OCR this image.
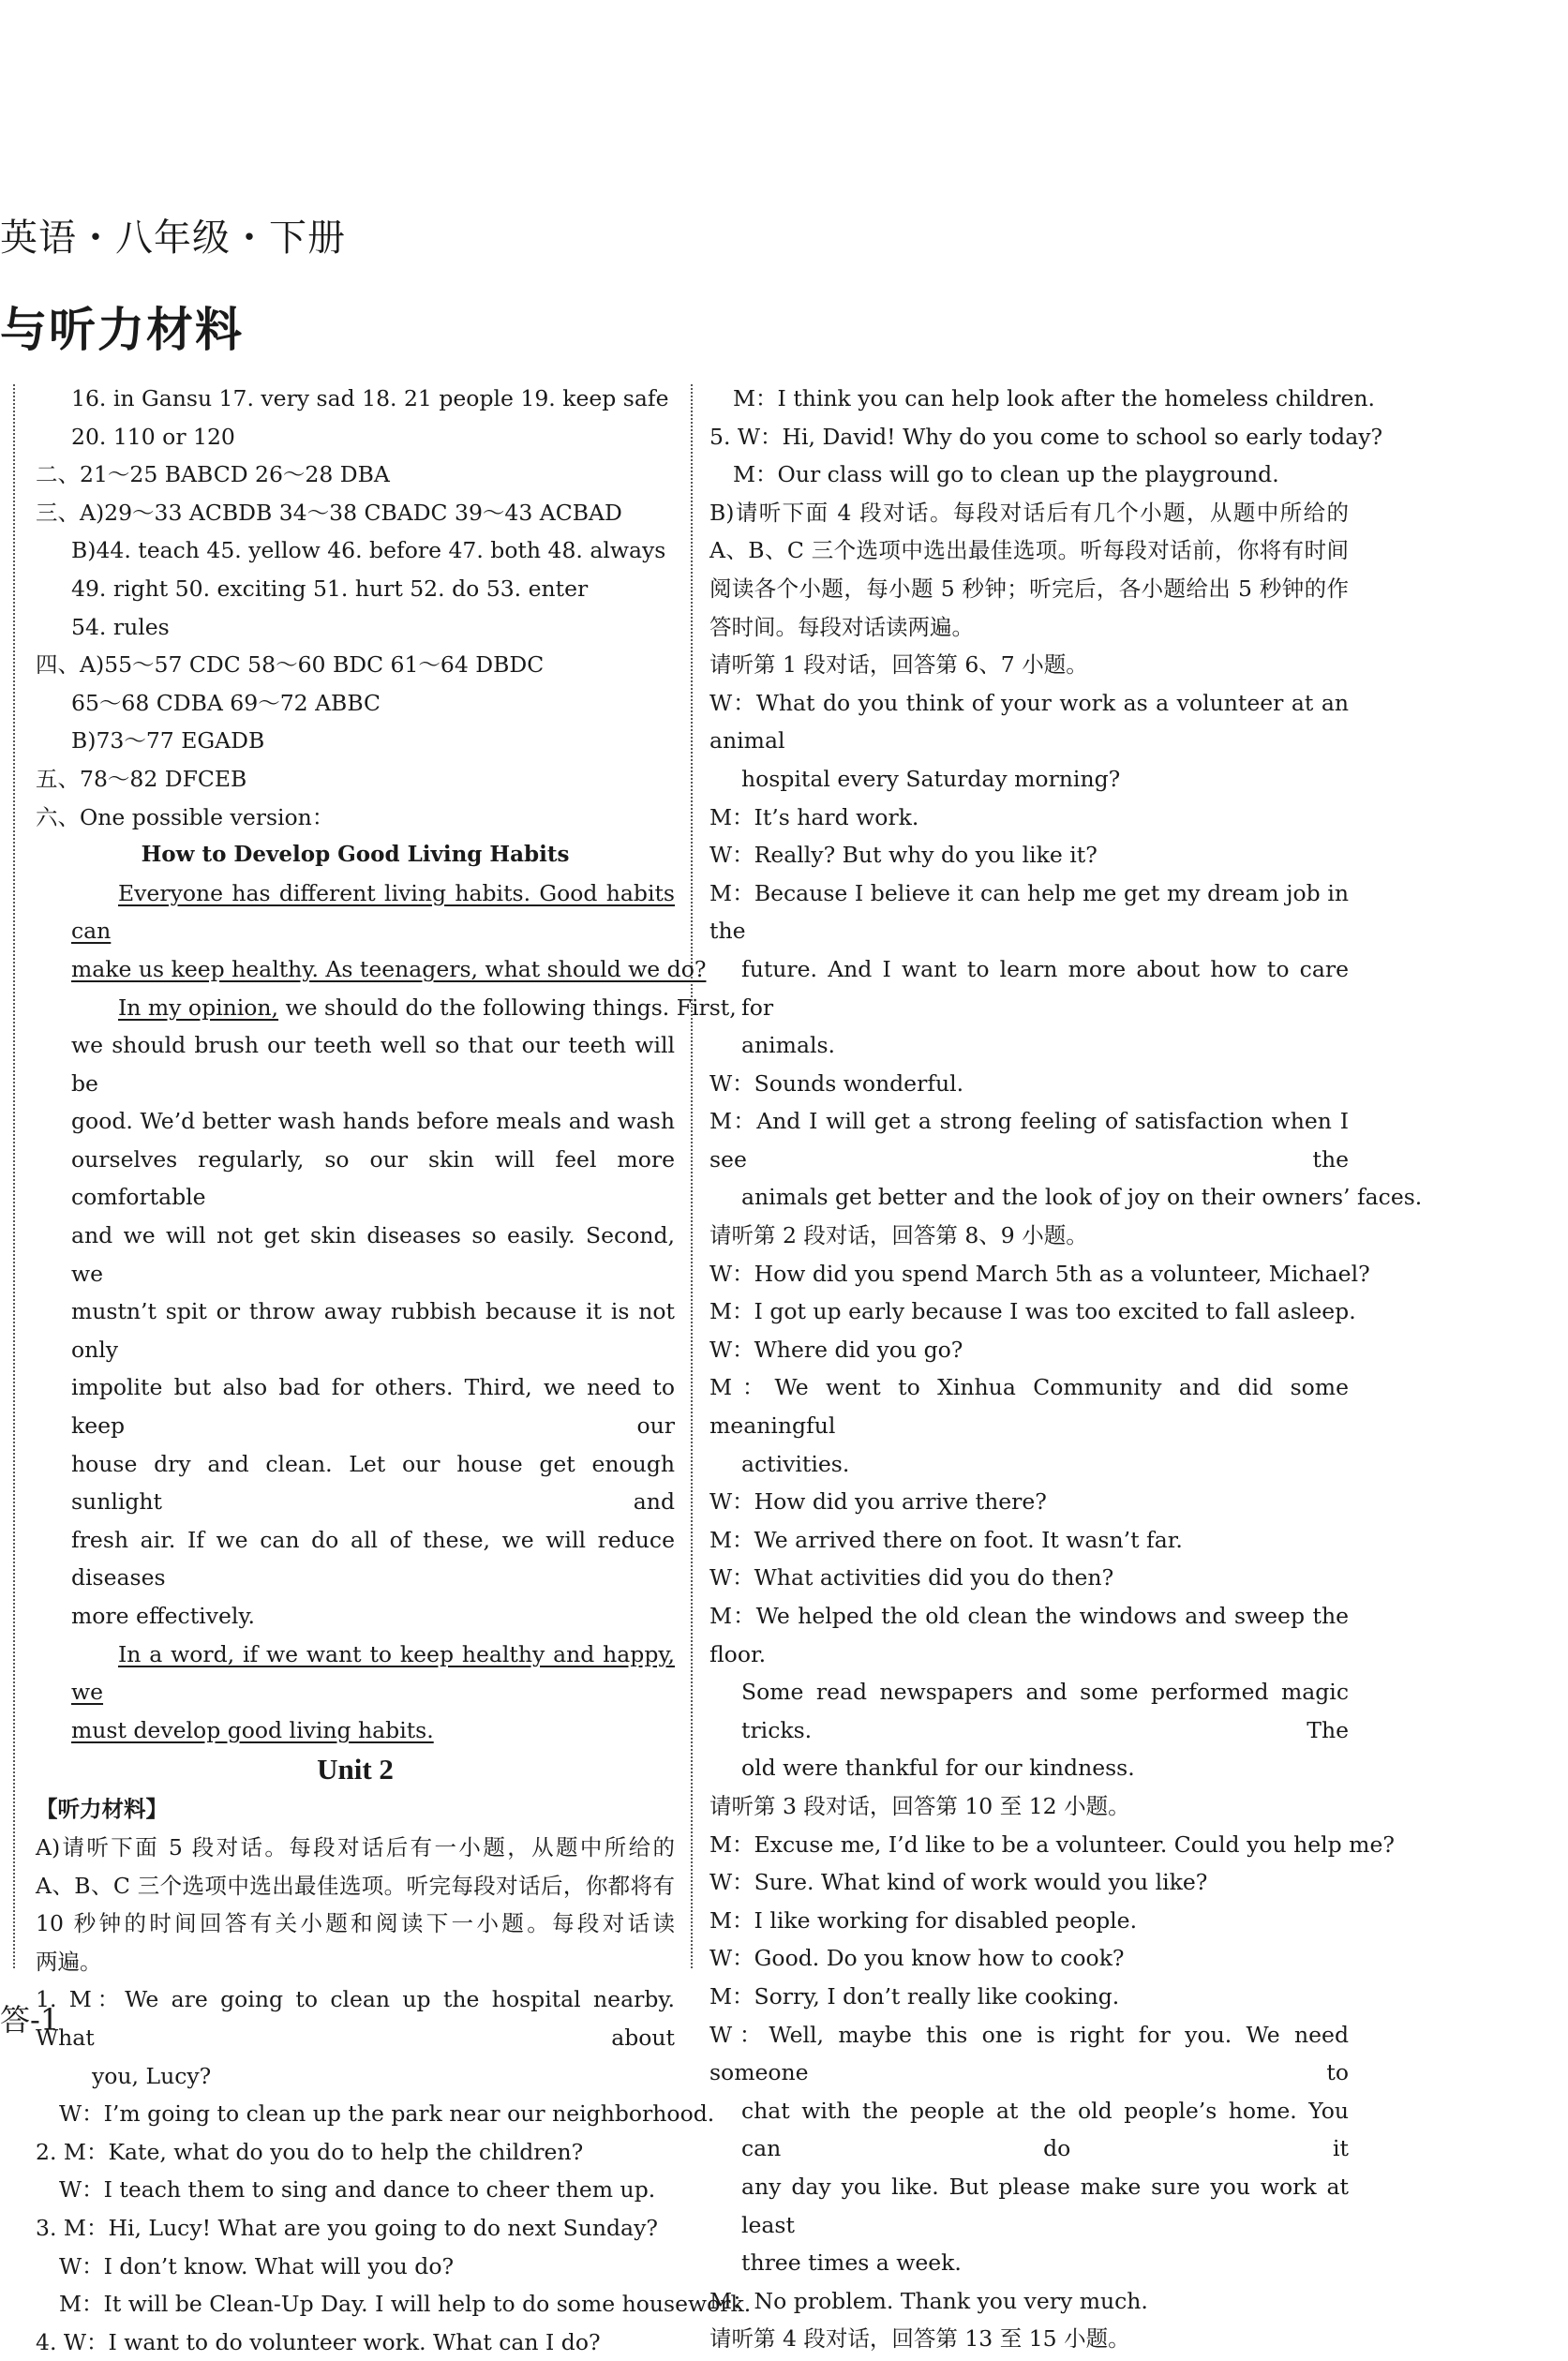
英语・八年级・下册
与听力材料
16. in Gansu 17. very sad 18. 21 people 19. keep safe
20. 110 or 120
二、21～25 BABCD 26～28 DBA
三、A)29～33 ACBDB 34～38 CBADC 39～43 ACBAD
B)44. teach 45. yellow 46. before 47. both 48. always
49. right 50. exciting 51. hurt 52. do 53. enter
54. rules
四、A)55～57 CDC 58～60 BDC 61～64 DBDC
65～68 CDBA 69～72 ABBC
B)73～77 EGADB
五、78～82 DFCEB
六、One possible version：
How to Develop Good Living Habits
Everyone has different living habits. Good habits can
make us keep healthy. As teenagers, what should we do?
In my opinion, we should do the following things. First,
we should brush our teeth well so that our teeth will be
good. We’d better wash hands before meals and wash
ourselves regularly, so our skin will feel more comfortable
and we will not get skin diseases so easily. Second, we
mustn’t spit or throw away rubbish because it is not only
impolite but also bad for others. Third, we need to keep our
house dry and clean. Let our house get enough sunlight and
fresh air. If we can do all of these, we will reduce diseases
more effectively.
In a word, if we want to keep healthy and happy, we
must develop good living habits.
Unit 2
【听力材料】
A)请听下面 5 段对话。每段对话后有一小题，从题中所给的
A、B、C 三个选项中选出最佳选项。听完每段对话后，你都将有
10 秒钟的时间回答有关小题和阅读下一小题。每段对话读
两遍。
1. M：We are going to clean up the hospital nearby. What about
you, Lucy?
W：I’m going to clean up the park near our neighborhood.
2. M：Kate, what do you do to help the children?
W：I teach them to sing and dance to cheer them up.
3. M：Hi, Lucy! What are you going to do next Sunday?
W：I don’t know. What will you do?
M：It will be Clean-Up Day. I will help to do some housework.
4. W：I want to do volunteer work. What can I do?
M：I think you can help look after the homeless children.
5. W：Hi, David! Why do you come to school so early today?
M：Our class will go to clean up the playground.
B)请听下面 4 段对话。每段对话后有几个小题，从题中所给的
A、B、C 三个选项中选出最佳选项。听每段对话前，你将有时间
阅读各个小题，每小题 5 秒钟；听完后，各小题给出 5 秒钟的作
答时间。每段对话读两遍。
请听第 1 段对话，回答第 6、7 小题。
W：What do you think of your work as a volunteer at an animal
hospital every Saturday morning?
M：It’s hard work.
W：Really? But why do you like it?
M：Because I believe it can help me get my dream job in the
future. And I want to learn more about how to care for
animals.
W：Sounds wonderful.
M：And I will get a strong feeling of satisfaction when I see the
animals get better and the look of joy on their owners’ faces.
请听第 2 段对话，回答第 8、9 小题。
W：How did you spend March 5th as a volunteer, Michael?
M：I got up early because I was too excited to fall asleep.
W：Where did you go?
M：We went to Xinhua Community and did some meaningful
activities.
W：How did you arrive there?
M：We arrived there on foot. It wasn’t far.
W：What activities did you do then?
M：We helped the old clean the windows and sweep the floor.
Some read newspapers and some performed magic tricks. The
old were thankful for our kindness.
请听第 3 段对话，回答第 10 至 12 小题。
M：Excuse me, I’d like to be a volunteer. Could you help me?
W：Sure. What kind of work would you like?
M：I like working for disabled people.
W：Good. Do you know how to cook?
M：Sorry, I don’t really like cooking.
W：Well, maybe this one is right for you. We need someone to
chat with the people at the old people’s home. You can do it
any day you like. But please make sure you work at least
three times a week.
M：No problem. Thank you very much.
请听第 4 段对话，回答第 13 至 15 小题。
答-1
